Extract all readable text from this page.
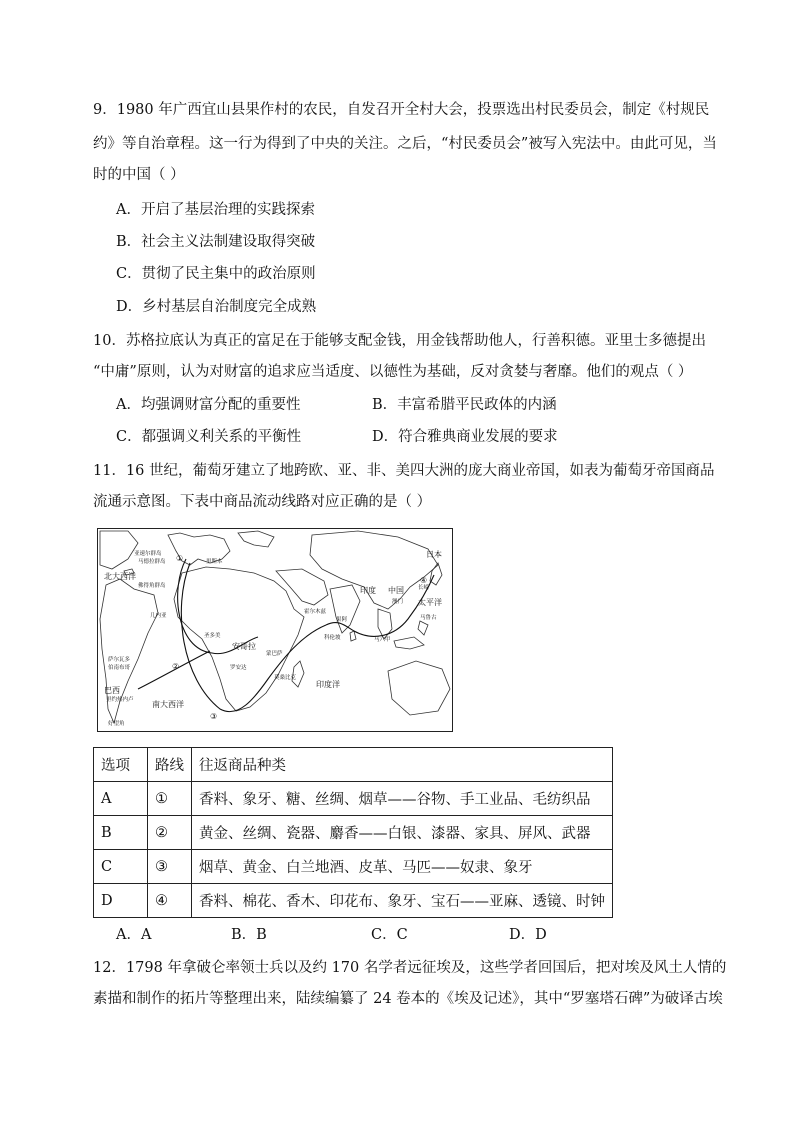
9．1980 年广西宜山县果作村的农民，自发召开全村大会，投票选出村民委员会，制定《村规民
约》等自治章程。这一行为得到了中央的关注。之后，“村民委员会”被写入宪法中。由此可见，当
时的中国（ ）
A．开启了基层治理的实践探索
B．社会主义法制建设取得突破
C．贯彻了民主集中的政治原则
D．乡村基层自治制度完全成熟
10．苏格拉底认为真正的富足在于能够支配金钱，用金钱帮助他人，行善积德。亚里士多德提出
“中庸”原则，认为对财富的追求应当适度、以德性为基础，反对贪婪与奢靡。他们的观点（ ）
A．均强调财富分配的重要性	B．丰富希腊平民政体的内涵
C．都强调义利关系的平衡性	D．符合雅典商业发展的要求
11．16 世纪，葡萄牙建立了地跨欧、亚、非、美四大洲的庞大商业帝国，如表为葡萄牙帝国商品
流通示意图。下表中商品流动线路对应正确的是（ ）
北大西洋
南大西洋
印度洋
太平洋
印度 中国
日本
安哥拉
巴西
里斯本
亚速尔群岛
马德拉群岛
佛得角群岛
几内亚
圣多美
罗安达
莫桑比克
蒙巴萨
霍尔木兹
果阿
科伦坡
澳门
长崎
马鲁古
马六甲
萨尔瓦多
伯南布哥
里约热内卢
好望角
①
②
③
④
选项	路线	往返商品种类
A	①	香料、象牙、糖、丝绸、烟草——谷物、手工业品、毛纺织品
B	②	黄金、丝绸、瓷器、麝香——白银、漆器、家具、屏风、武器
C	③	烟草、黄金、白兰地酒、皮革、马匹——奴隶、象牙
D	④	香料、棉花、香木、印花布、象牙、宝石——亚麻、透镜、时钟
A．A	B．B	C．C	D．D
12．1798 年拿破仑率领士兵以及约 170 名学者远征埃及，这些学者回国后，把对埃及风土人情的
素描和制作的拓片等整理出来，陆续编纂了 24 卷本的《埃及记述》，其中“罗塞塔石碑”为破译古埃
